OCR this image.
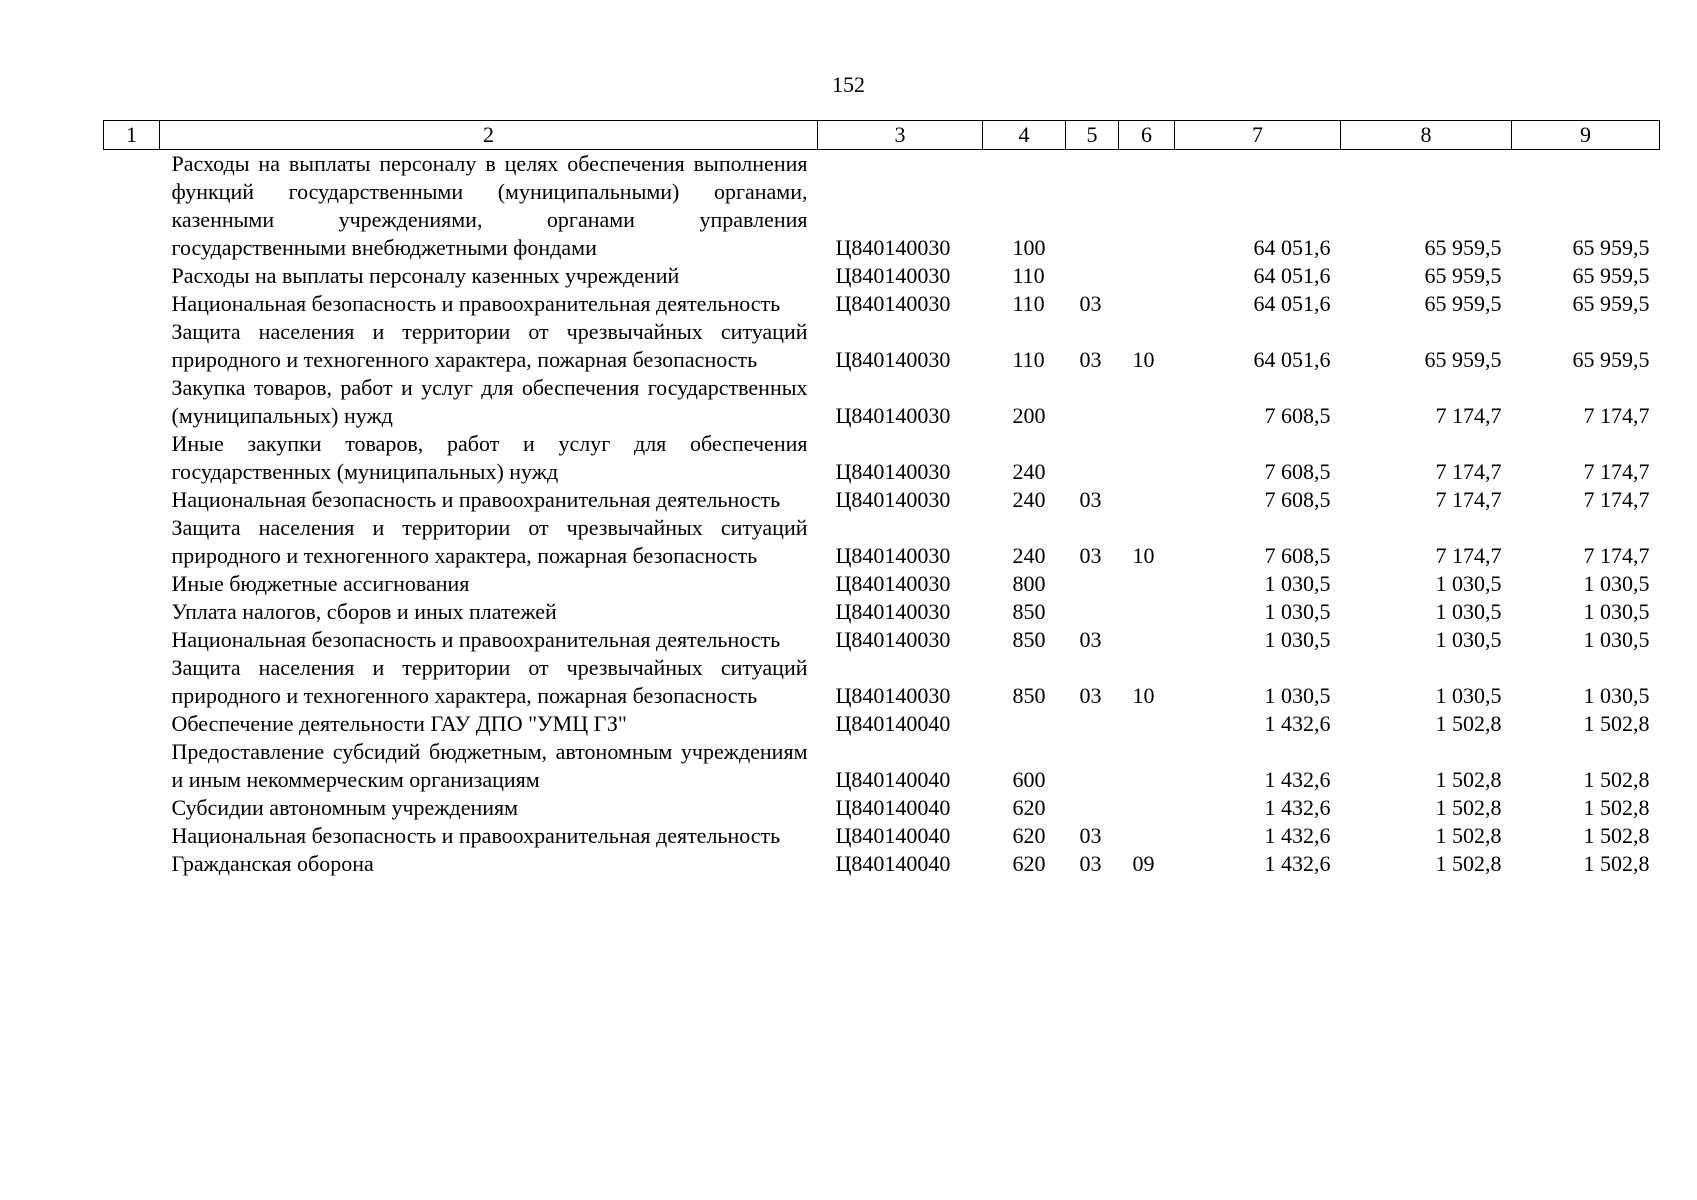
152
1	2	3	4	5	6	7	8	9
	Расходы на выплаты персоналу в целях обеспечения выполнения функций государственными (муниципальными) органами, казенными учреждениями, органами управления государственными внебюджетными фондами	Ц840140030	100			64 051,6	65 959,5	65 959,5
	Расходы на выплаты персоналу казенных учреждений	Ц840140030	110			64 051,6	65 959,5	65 959,5
	Национальная безопасность и правоохранительная деятельность	Ц840140030	110	03		64 051,6	65 959,5	65 959,5
	Защита населения и территории от чрезвычайных ситуаций природного и техногенного характера, пожарная безопасность	Ц840140030	110	03	10	64 051,6	65 959,5	65 959,5
	Закупка товаров, работ и услуг для обеспечения государственных (муниципальных) нужд	Ц840140030	200			7 608,5	7 174,7	7 174,7
	Иные закупки товаров, работ и услуг для обеспечения государственных (муниципальных) нужд	Ц840140030	240			7 608,5	7 174,7	7 174,7
	Национальная безопасность и правоохранительная деятельность	Ц840140030	240	03		7 608,5	7 174,7	7 174,7
	Защита населения и территории от чрезвычайных ситуаций природного и техногенного характера, пожарная безопасность	Ц840140030	240	03	10	7 608,5	7 174,7	7 174,7
	Иные бюджетные ассигнования	Ц840140030	800			1 030,5	1 030,5	1 030,5
	Уплата налогов, сборов и иных платежей	Ц840140030	850			1 030,5	1 030,5	1 030,5
	Национальная безопасность и правоохранительная деятельность	Ц840140030	850	03		1 030,5	1 030,5	1 030,5
	Защита населения и территории от чрезвычайных ситуаций природного и техногенного характера, пожарная безопасность	Ц840140030	850	03	10	1 030,5	1 030,5	1 030,5
	Обеспечение деятельности ГАУ ДПО "УМЦ ГЗ"	Ц840140040				1 432,6	1 502,8	1 502,8
	Предоставление субсидий бюджетным, автономным учреждениям и иным некоммерческим организациям	Ц840140040	600			1 432,6	1 502,8	1 502,8
	Субсидии автономным учреждениям	Ц840140040	620			1 432,6	1 502,8	1 502,8
	Национальная безопасность и правоохранительная деятельность	Ц840140040	620	03		1 432,6	1 502,8	1 502,8
	Гражданская оборона	Ц840140040	620	03	09	1 432,6	1 502,8	1 502,8
